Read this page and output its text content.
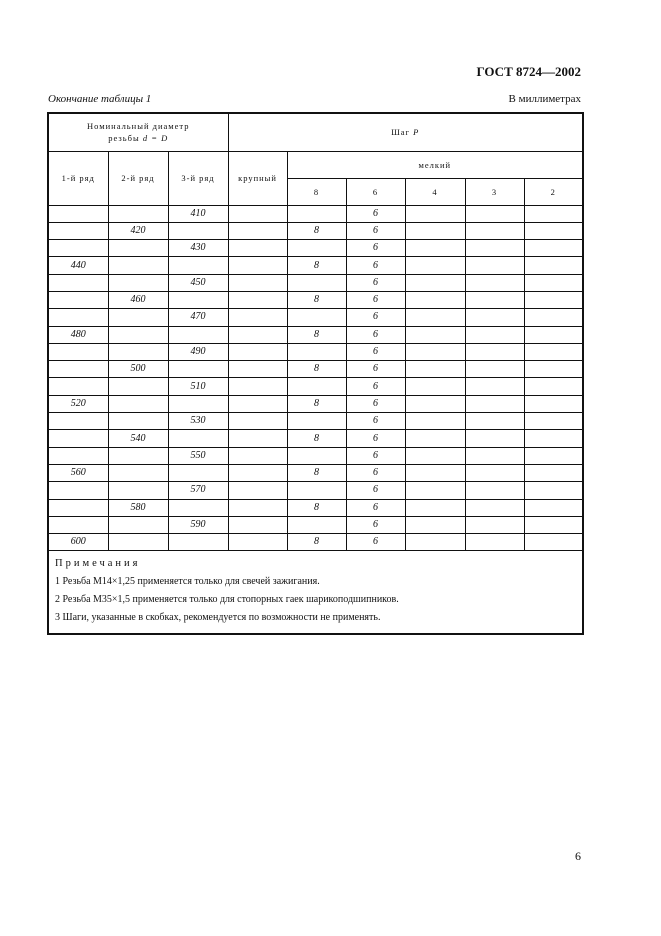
ГОСТ 8724—2002
Окончание таблицы 1	В миллиметрах
Номинальный диаметр
резьбы d = D			Шаг P					
1-й ряд	2-й ряд	3-й ряд	крупный	мелкий				
				8	6	4	3	2
		410			6			
	420			8	6			
		430			6			
440				8	6			
		450			6			
	460			8	6			
		470			6			
480				8	6			
		490			6			
	500			8	6			
		510			6			
520				8	6			
		530			6			
	540			8	6			
		550			6			
560				8	6			
		570			6			
	580			8	6			
		590			6			
600				8	6			

Примечания
1 Резьба M14×1,25 применяется только для свечей зажигания.
2 Резьба M35×1,5 применяется только для стопорных гаек шарикоподшипников.
3 Шаги, указанные в скобках, рекомендуется по возможности не применять.								
6
